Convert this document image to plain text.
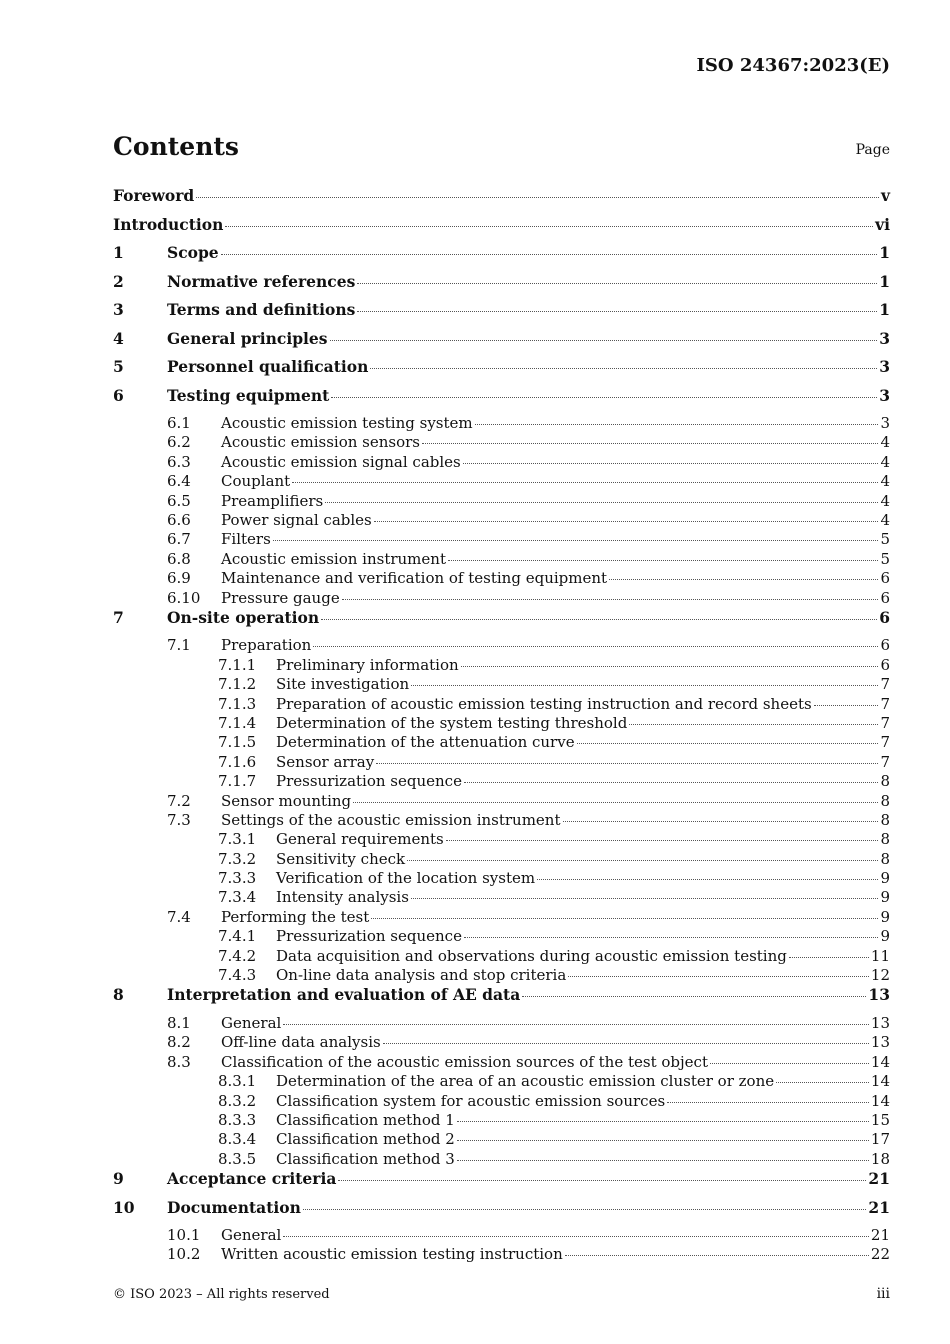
ISO 24367:2023(E)
Contents	Page
Foreword	v
Introduction	vi
1	Scope	1
2	Normative references	1
3	Terms and definitions	1
4	General principles	3
5	Personnel qualification	3
6	Testing equipment	3
6.1	Acoustic emission testing system	3
6.2	Acoustic emission sensors	4
6.3	Acoustic emission signal cables	4
6.4	Couplant	4
6.5	Preamplifiers	4
6.6	Power signal cables	4
6.7	Filters	5
6.8	Acoustic emission instrument	5
6.9	Maintenance and verification of testing equipment	6
6.10	Pressure gauge	6
7	On-site operation	6
7.1	Preparation	6
7.1.1	Preliminary information	6
7.1.2	Site investigation	7
7.1.3	Preparation of acoustic emission testing instruction and record sheets	7
7.1.4	Determination of the system testing threshold	7
7.1.5	Determination of the attenuation curve	7
7.1.6	Sensor array	7
7.1.7	Pressurization sequence	8
7.2	Sensor mounting	8
7.3	Settings of the acoustic emission instrument	8
7.3.1	General requirements	8
7.3.2	Sensitivity check	8
7.3.3	Verification of the location system	9
7.3.4	Intensity analysis	9
7.4	Performing the test	9
7.4.1	Pressurization sequence	9
7.4.2	Data acquisition and observations during acoustic emission testing	11
7.4.3	On-line data analysis and stop criteria	12
8	Interpretation and evaluation of AE data	13
8.1	General	13
8.2	Off-line data analysis	13
8.3	Classification of the acoustic emission sources of the test object	14
8.3.1	Determination of the area of an acoustic emission cluster or zone	14
8.3.2	Classification system for acoustic emission sources	14
8.3.3	Classification method 1	15
8.3.4	Classification method 2	17
8.3.5	Classification method 3	18
9	Acceptance criteria	21
10	Documentation	21
10.1	General	21
10.2	Written acoustic emission testing instruction	22
© ISO 2023 – All rights reserved	iii
